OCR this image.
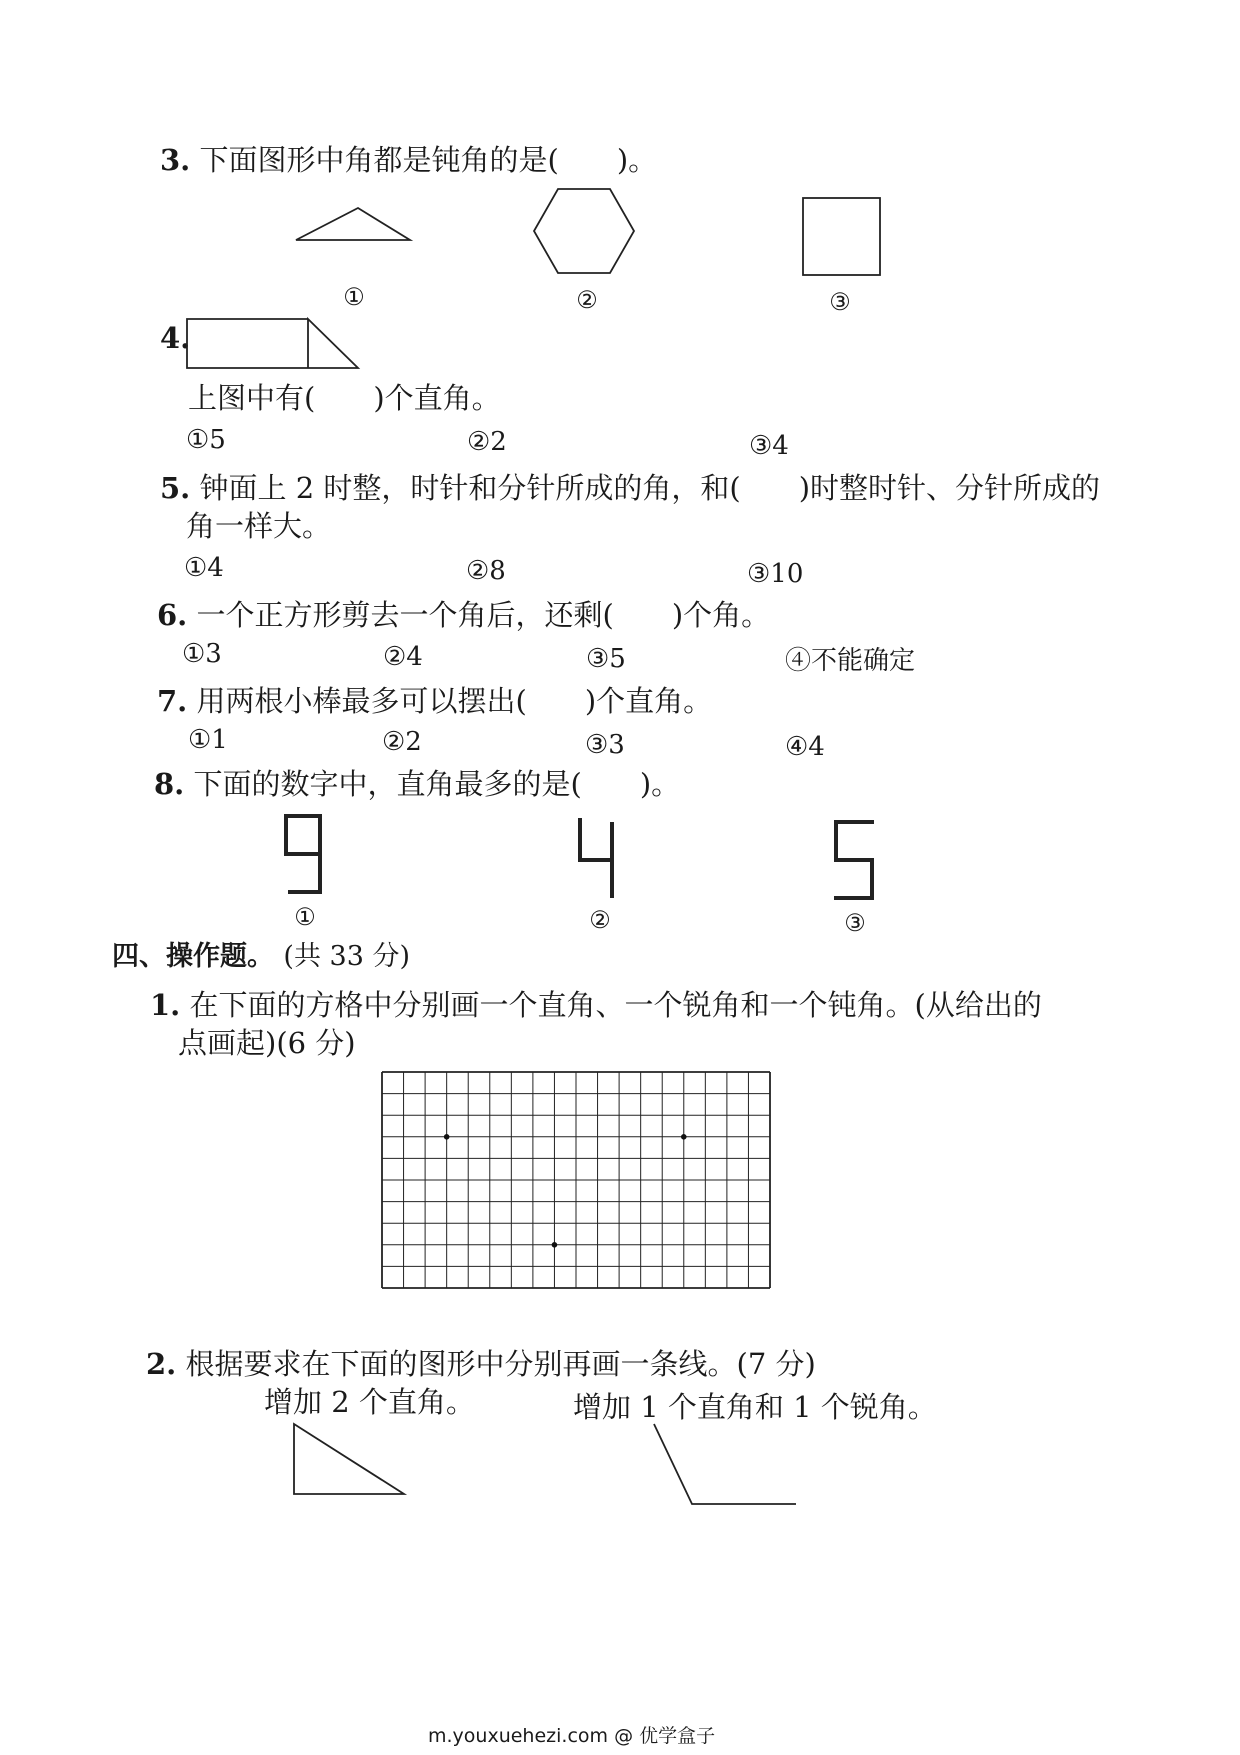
3. 下面图形中角都是钝角的是(　　)。
①	②	③
4.
上图中有(　　)个直角。
①5	②2	③4
5. 钟面上 2 时整，时针和分针所成的角，和(　　)时整时针、分针所成的
角一样大。
①4	②8	③10
6. 一个正方形剪去一个角后，还剩(　　)个角。
①3	②4	③5	④不能确定
7. 用两根小棒最多可以摆出(　　)个直角。
①1	②2	③3	④4
8. 下面的数字中，直角最多的是(　　)。
①	②	③
四、操作题。 (共 33 分)
1. 在下面的方格中分别画一个直角、一个锐角和一个钝角。(从给出的
点画起)(6 分)
2. 根据要求在下面的图形中分别再画一条线。(7 分)
增加 2 个直角。	增加 1 个直角和 1 个锐角。
m.youxuehezi.com @ 优学盒子
